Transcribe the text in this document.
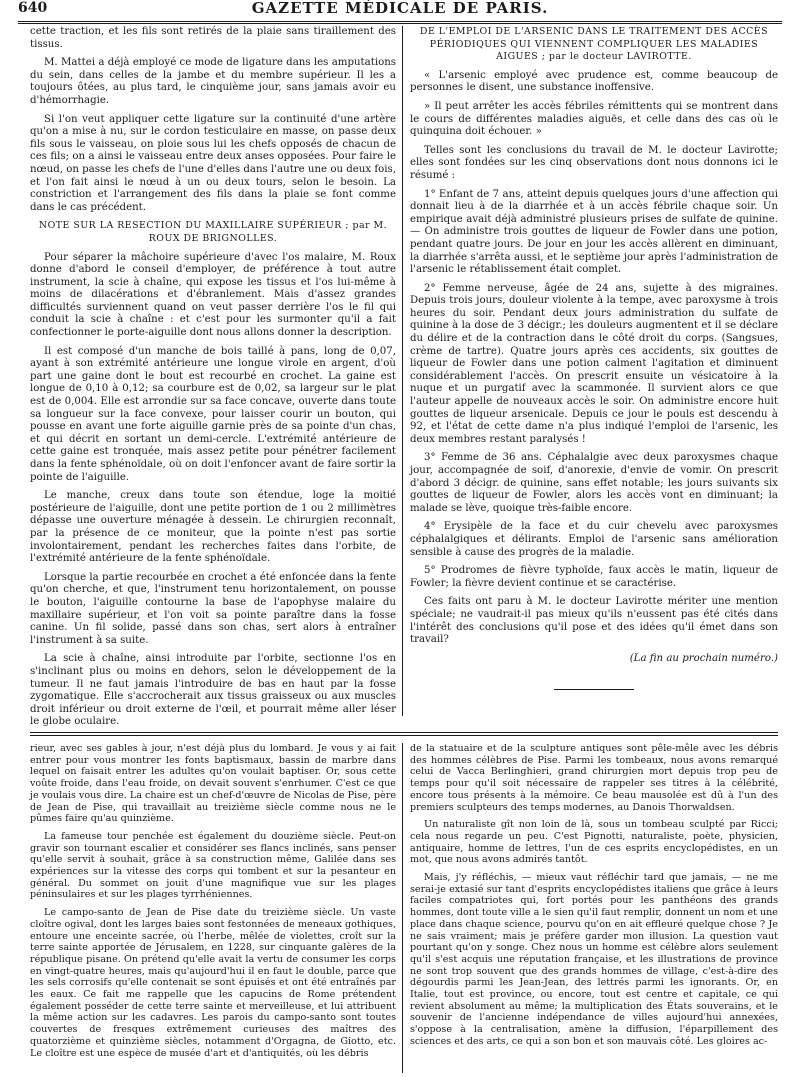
640	GAZETTE MÉDICALE DE PARIS.

cette traction, et les fils sont retirés de la plaie sans tiraillement des tissus.

M. Mattei a déjà employé ce mode de ligature dans les amputations du sein, dans celles de la jambe et du membre supérieur. Il les a toujours ôtées, au plus tard, le cinquième jour, sans jamais avoir eu d'hémorrhagie.

Si l'on veut appliquer cette ligature sur la continuité d'une artère qu'on a mise à nu, sur le cordon testiculaire en masse, on passe deux fils sous le vaisseau, on ploie sous lui les chefs opposés de chacun de ces fils; on a ainsi le vaisseau entre deux anses opposées. Pour faire le nœud, on passe les chefs de l'une d'elles dans l'autre une ou deux fois, et l'on fait ainsi le nœud à un ou deux tours, selon le besoin. La constriction et l'arrangement des fils dans la plaie se font comme dans le cas précédent.

NOTE SUR LA RESECTION DU MAXILLAIRE SUPÉRIEUR ; par M. ROUX DE BRIGNOLLES.

Pour séparer la mâchoire supérieure d'avec l'os malaire, M. Roux donne d'abord le conseil d'employer, de préférence à tout autre instrument, la scie à chaîne, qui expose les tissus et l'os lui-même à moins de dilacérations et d'ébranlement. Mais d'assez grandes difficultés surviennent quand on veut passer derrière l'os le fil qui conduit la scie à chaîne : et c'est pour les surmonter qu'il a fait confectionner le porte-aiguille dont nous allons donner la description.

Il est composé d'un manche de bois taillé à pans, long de 0,07, ayant à son extrémité antérieure une longue virole en argent, d'où part une gaine dont le bout est recourbé en crochet. La gaine est longue de 0,10 à 0,12; sa courbure est de 0,02, sa largeur sur le plat est de 0,004. Elle est arrondie sur sa face concave, ouverte dans toute sa longueur sur la face convexe, pour laisser courir un bouton, qui pousse en avant une forte aiguille garnie près de sa pointe d'un chas, et qui décrit en sortant un demi-cercle. L'extrémité antérieure de cette gaine est tronquée, mais assez petite pour pénétrer facilement dans la fente sphénoïdale, où on doit l'enfoncer avant de faire sortir la pointe de l'aiguille.

Le manche, creux dans toute son étendue, loge la moitié postérieure de l'aiguille, dont une petite portion de 1 ou 2 millimètres dépasse une ouverture ménagée à dessein. Le chirurgien reconnaît, par la présence de ce moniteur, que la pointe n'est pas sortie involontairement, pendant les recherches faites dans l'orbite, de l'extrémité antérieure de la fente sphénoïdale.

Lorsque la partie recourbée en crochet a été enfoncée dans la fente qu'on cherche, et que, l'instrument tenu horizontalement, on pousse le bouton, l'aiguille contourne la base de l'apophyse malaire du maxillaire supérieur, et l'on voit sa pointe paraître dans la fosse canine. Un fil solide, passé dans son chas, sert alors à entraîner l'instrument à sa suite.

La scie à chaîne, ainsi introduite par l'orbite, sectionne l'os en s'inclinant plus ou moins en dehors, selon le développement de la tumeur. Il ne faut jamais l'introduire de bas en haut par la fosse zygomatique. Elle s'accrocherait aux tissus graisseux ou aux muscles droit inférieur ou droit externe de l'œil, et pourrait même aller léser le globe oculaire.

DE L'EMPLOI DE L'ARSENIC DANS LE TRAITEMENT DES ACCÈS PÉRIODIQUES QUI VIENNENT COMPLIQUER LES MALADIES AIGUES ; par le docteur LAVIROTTE.

« L'arsenic employé avec prudence est, comme beaucoup de personnes le disent, une substance inoffensive.

» Il peut arrêter les accès fébriles rémittents qui se montrent dans le cours de différentes maladies aiguës, et celle dans des cas où le quinquina doit échouer. »

Telles sont les conclusions du travail de M. le docteur Lavirotte; elles sont fondées sur les cinq observations dont nous donnons ici le résumé :

1° Enfant de 7 ans, atteint depuis quelques jours d'une affection qui donnait lieu à de la diarrhée et à un accès fébrile chaque soir. Un empirique avait déjà administré plusieurs prises de sulfate de quinine. — On administre trois gouttes de liqueur de Fowler dans une potion, pendant quatre jours. De jour en jour les accès allèrent en diminuant, la diarrhée s'arrêta aussi, et le septième jour après l'administration de l'arsenic le rétablissement était complet.

2° Femme nerveuse, âgée de 24 ans, sujette à des migraines. Depuis trois jours, douleur violente à la tempe, avec paroxysme à trois heures du soir. Pendant deux jours administration du sulfate de quinine à la dose de 3 décigr.; les douleurs augmentent et il se déclare du délire et de la contraction dans le côté droit du corps. (Sangsues, crème de tartre). Quatre jours après ces accidents, six gouttes de liqueur de Fowler dans une potion calment l'agitation et diminuent considérablement l'accès. On prescrit ensuite un vésicatoire à la nuque et un purgatif avec la scammonée. Il survient alors ce que l'auteur appelle de nouveaux accès le soir. On administre encore huit gouttes de liqueur arsenicale. Depuis ce jour le pouls est descendu à 92, et l'état de cette dame n'a plus indiqué l'emploi de l'arsenic, les deux membres restant paralysés !

3° Femme de 36 ans. Céphalalgie avec deux paroxysmes chaque jour, accompagnée de soif, d'anorexie, d'envie de vomir. On prescrit d'abord 3 décigr. de quinine, sans effet notable; les jours suivants six gouttes de liqueur de Fowler, alors les accès vont en diminuant; la malade se lève, quoique très-faible encore.

4° Erysipèle de la face et du cuir chevelu avec paroxysmes céphalalgiques et délirants. Emploi de l'arsenic sans amélioration sensible à cause des progrès de la maladie.

5° Prodromes de fièvre typhoïde, faux accès le matin, liqueur de Fowler; la fièvre devient continue et se caractérise.

Ces faits ont paru à M. le docteur Lavirotte mériter une mention spéciale; ne vaudrait-il pas mieux qu'ils n'eussent pas été cités dans l'intérêt des conclusions qu'il pose et des idées qu'il émet dans son travail?

(La fin au prochain numéro.)

rieur, avec ses gables à jour, n'est déjà plus du lombard. Je vous y ai fait entrer pour vous montrer les fonts baptismaux, bassin de marbre dans lequel on faisait entrer les adultes qu'on voulait baptiser. Or, sous cette voûte froide, dans l'eau froide, on devait souvent s'enrhumer. C'est ce que je voulais vous dire. La chaire est un chef-d'œuvre de Nicolas de Pise, père de Jean de Pise, qui travaillait au treizième siècle comme nous ne le pûmes faire qu'au quinzième.

La fameuse tour penchée est également du douzième siècle. Peut-on gravir son tournant escalier et considérer ses flancs inclinés, sans penser qu'elle servit à souhait, grâce à sa construction même, Galilée dans ses expériences sur la vitesse des corps qui tombent et sur la pesanteur en général. Du sommet on jouit d'une magnifique vue sur les plages péninsulaires et sur les plages tyrrhéniennes.

Le campo-santo de Jean de Pise date du treizième siècle. Un vaste cloître ogival, dont les larges baies sont festonnées de meneaux gothiques, entoure une enceinte sacrée, où l'herbe, mêlée de violettes, croît sur la terre sainte apportée de Jérusalem, en 1228, sur cinquante galères de la république pisane. On prétend qu'elle avait la vertu de consumer les corps en vingt-quatre heures, mais qu'aujourd'hui il en faut le double, parce que les sels corrosifs qu'elle contenait se sont épuisés et ont été entraînés par les eaux. Ce fait me rappelle que les capucins de Rome prétendent également posséder de cette terre sainte et merveilleuse, et lui attribuent la même action sur les cadavres. Les parois du campo-santo sont toutes couvertes de fresques extrêmement curieuses des maîtres des quatorzième et quinzième siècles, notamment d'Orgagna, de Giotto, etc. Le cloître est une espèce de musée d'art et d'antiquités, où les débris

de la statuaire et de la sculpture antiques sont pêle-mêle avec les débris des hommes célèbres de Pise. Parmi les tombeaux, nous avons remarqué celui de Vacca Berlinghieri, grand chirurgien mort depuis trop peu de temps pour qu'il soit nécessaire de rappeler ses titres à la célébrité, encore tous présents à la mémoire. Ce beau mausolée est dû à l'un des premiers sculpteurs des temps modernes, au Danois Thorwaldsen.

Un naturaliste gît non loin de là, sous un tombeau sculpté par Ricci; cela nous regarde un peu. C'est Pignotti, naturaliste, poète, physicien, antiquaire, homme de lettres, l'un de ces esprits encyclopédistes, en un mot, que nous avons admirés tantôt.

Mais, j'y réfléchis, — mieux vaut réfléchir tard que jamais, — ne me serai-je extasié sur tant d'esprits encyclopédistes italiens que grâce à leurs faciles compatriotes qui, fort portés pour les panthéons des grands hommes, dont toute ville a le sien qu'il faut remplir, donnent un nom et une place dans chaque science, pourvu qu'on en ait effleuré quelque chose ? Je ne sais vraiment; mais je préfère garder mon illusion. La question vaut pourtant qu'on y songe. Chez nous un homme est célèbre alors seulement qu'il s'est acquis une réputation française, et les illustrations de province ne sont trop souvent que des grands hommes de village, c'est-à-dire des dégourdis parmi les Jean-Jean, des lettrés parmi les ignorants. Or, en Italie, tout est province, ou encore, tout est centre et capitale, ce qui revient absolument au même; la multiplication des États souverains, et le souvenir de l'ancienne indépendance de villes aujourd'hui annexées, s'oppose à la centralisation, amène la diffusion, l'éparpillement des sciences et des arts, ce qui a son bon et son mauvais côté. Les gloires ac-
